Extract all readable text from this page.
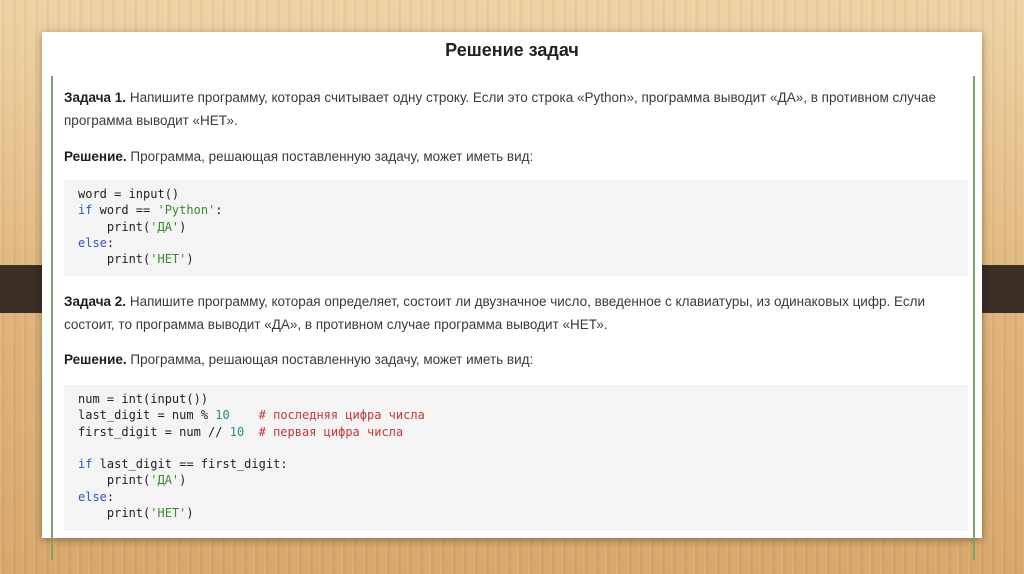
Решение задач
Задача 1. Напишите программу, которая считывает одну строку. Если это строка «Python», программа выводит «ДА», в противном случае программа выводит «НЕТ».
Решение. Программа, решающая поставленную задачу, может иметь вид:
word = input()
if word == 'Python':
print('ДА')
else:
print('НЕТ')
Задача 2. Напишите программу, которая определяет, состоит ли двузначное число, введенное с клавиатуры, из одинаковых цифр. Если состоит, то программа выводит «ДА», в противном случае программа выводит «НЕТ».
Решение. Программа, решающая поставленную задачу, может иметь вид:
num = int(input())
last_digit = num % 10 # последняя цифра числа
first_digit = num // 10 # первая цифра числа

if last_digit == first_digit:
print('ДА')
else:
print('НЕТ')
